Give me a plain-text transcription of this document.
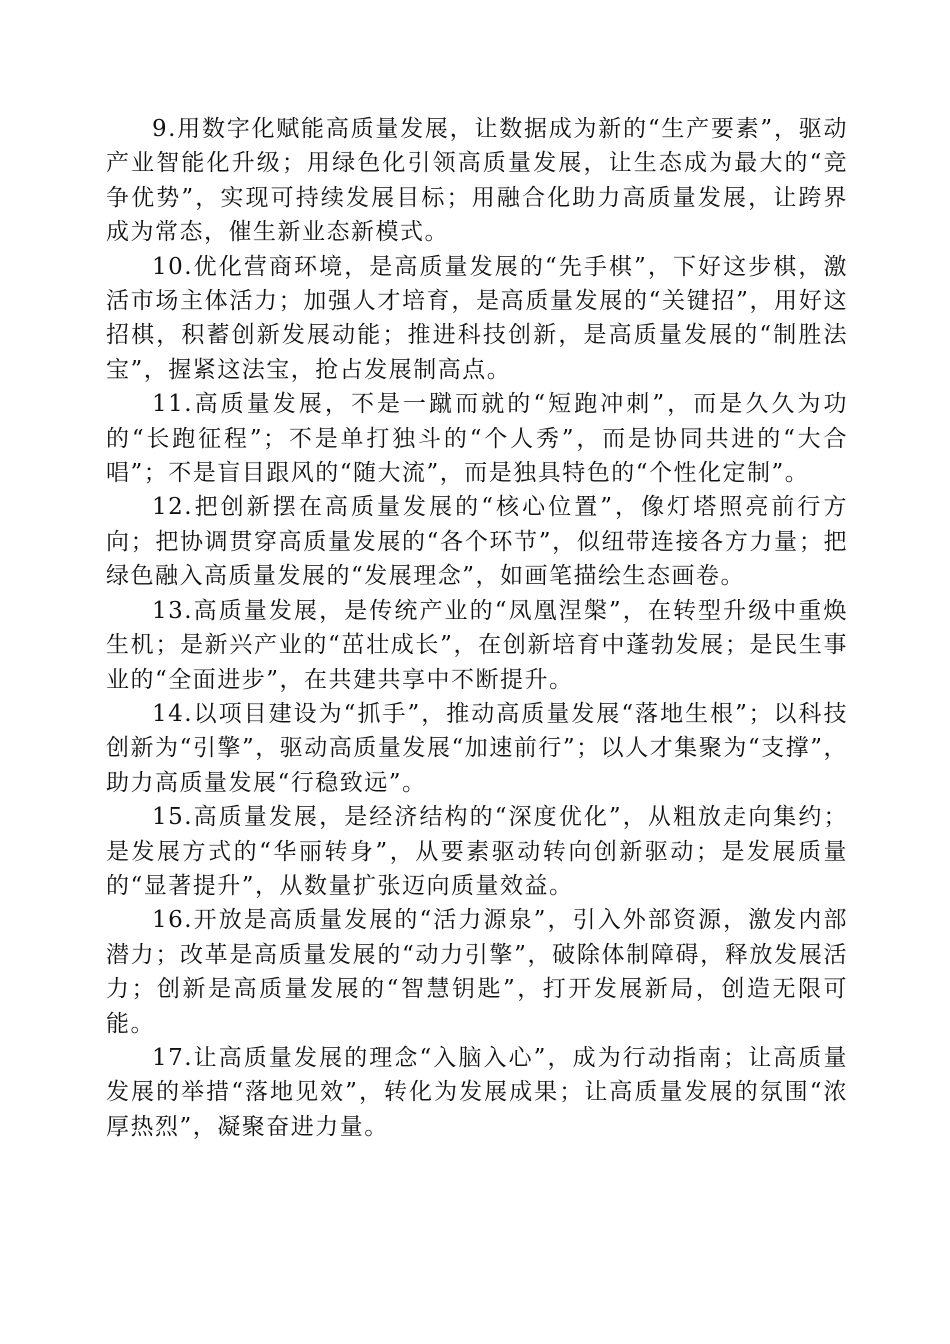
9.用数字化赋能高质量发展，让数据成为新的“生产要素”，驱动产业智能化升级；用绿色化引领高质量发展，让生态成为最大的“竞争优势”，实现可持续发展目标；用融合化助力高质量发展，让跨界成为常态，催生新业态新模式。

10.优化营商环境，是高质量发展的“先手棋”，下好这步棋，激活市场主体活力；加强人才培育，是高质量发展的“关键招”，用好这招棋，积蓄创新发展动能；推进科技创新，是高质量发展的“制胜法宝”，握紧这法宝，抢占发展制高点。

11.高质量发展，不是一蹴而就的“短跑冲刺”，而是久久为功的“长跑征程”；不是单打独斗的“个人秀”，而是协同共进的“大合唱”；不是盲目跟风的“随大流”，而是独具特色的“个性化定制”。

12.把创新摆在高质量发展的“核心位置”，像灯塔照亮前行方向；把协调贯穿高质量发展的“各个环节”，似纽带连接各方力量；把绿色融入高质量发展的“发展理念”，如画笔描绘生态画卷。

13.高质量发展，是传统产业的“凤凰涅槃”，在转型升级中重焕生机；是新兴产业的“茁壮成长”，在创新培育中蓬勃发展；是民生事业的“全面进步”，在共建共享中不断提升。

14.以项目建设为“抓手”，推动高质量发展“落地生根”；以科技创新为“引擎”，驱动高质量发展“加速前行”；以人才集聚为“支撑”，助力高质量发展“行稳致远”。

15.高质量发展，是经济结构的“深度优化”，从粗放走向集约；是发展方式的“华丽转身”，从要素驱动转向创新驱动；是发展质量的“显著提升”，从数量扩张迈向质量效益。

16.开放是高质量发展的“活力源泉”，引入外部资源，激发内部潜力；改革是高质量发展的“动力引擎”，破除体制障碍，释放发展活力；创新是高质量发展的“智慧钥匙”，打开发展新局，创造无限可能。

17.让高质量发展的理念“入脑入心”，成为行动指南；让高质量发展的举措“落地见效”，转化为发展成果；让高质量发展的氛围“浓厚热烈”，凝聚奋进力量。
